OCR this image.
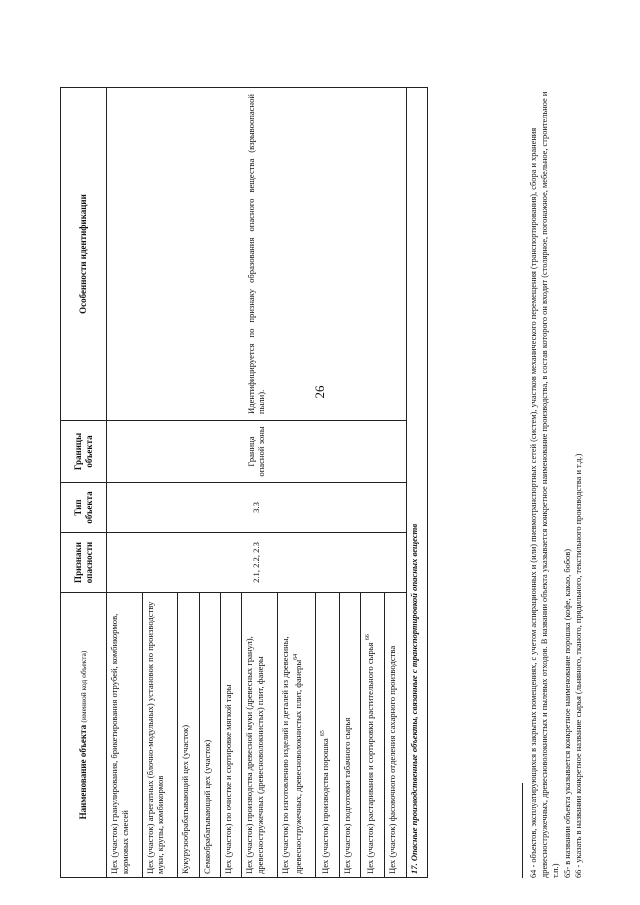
26
Наименование объекта (именной код объекта)	Признаки опасности	Тип объекта	Границы объекта	Особенности идентификации
Цех (участок) гранулирования, брикетирования отрубей, комбикормов, кормовых смесей	2.1, 2.2, 2.3	3.3	Граница опасной зоны	Идентифицируется по признаку образования опасного вещества (взрывоопасной пыли).
Цех (участок) агрегатных (блочно-модульных) установок по производству муки, крупы, комбикормов				
Кукурузообрабатывающий цех (участок)				
Семяобрабатывающий цех (участок)				
Цех (участок) по очистке и сортировке мягкой тары				
Цех (участок) производства древесной муки (древесных гранул), древесностружечных (древесноволокнистых) плит, фанеры				
Цех (участок) по изготовлению изделий и деталей из древесины, древесностружечных, древесноволокнистых плит, фанеры$^{64}$
Цех (участок) производства порошка $^{65}$
Цех (участок) подготовки табачного сырья				
Цех (участок) растаривания и сортировки растительного сырья $^{66}$
Цех (участок) фасовочного отделения сахарного производства				
17. Опасные производственные объекты, связанные с транспортировкой опасных веществ					64 - объектов, эксплуатирующихся в закрытых помещениях, с учетом аспирационных и (или) пневмотранспортных сетей (систем), участков механического перемещения (транспортирования), сбора и хранения древесностружечных, древесноволокнистых и пылевых отходов. В названии объекта указывается конкретное наименование производства, в состав которого он входит (столярное, погонажное, мебельное, строительное и т.п.) 65- в названии объекта указывается конкретное наименование порошка (кофе, какао, бобов) 66 - указать в названии конкретное название сырья (льняного, тканого, прядильного, текстильного производства и т.д.)
